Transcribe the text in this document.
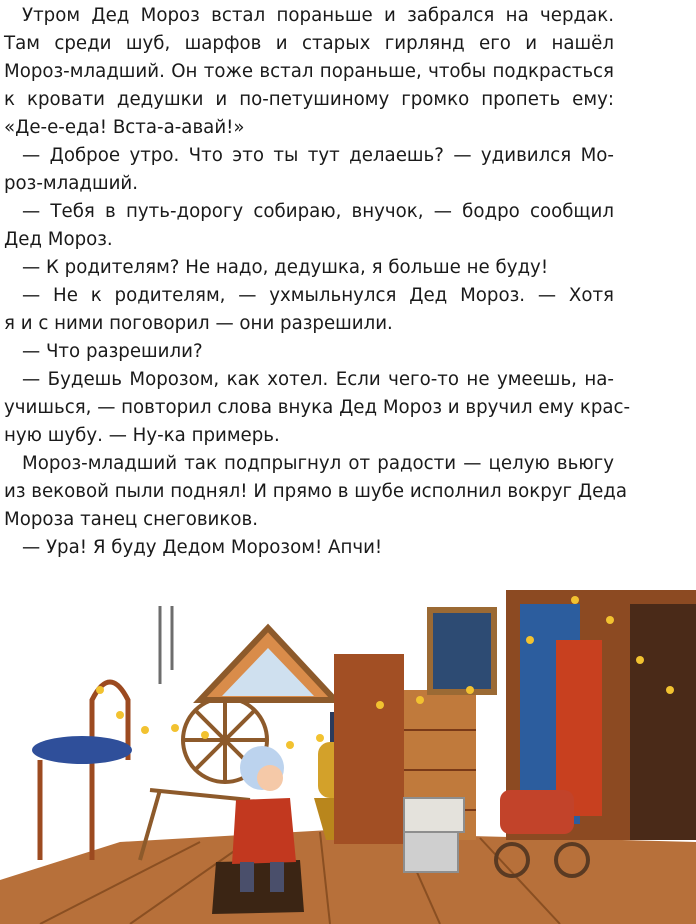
Утром Дед Мороз встал пораньше и забрался на чердак.
Там среди шуб, шарфов и старых гирлянд его и нашёл
Мороз-младший. Он тоже встал пораньше, чтобы подкрасться
к кровати дедушки и по-петушиному громко пропеть ему:
«Де-е-еда! Вста-а-авай!»
— Доброе утро. Что это ты тут делаешь? — удивился Мо-
роз-младший.
— Тебя в путь-дорогу собираю, внучок, — бодро сообщил
Дед Мороз.
— К родителям? Не надо, дедушка, я больше не буду!
— Не к родителям, — ухмыльнулся Дед Мороз. — Хотя
я и с ними поговорил — они разрешили.
— Что разрешили?
— Будешь Морозом, как хотел. Если чего-то не умеешь, на-
учишься, — повторил слова внука Дед Мороз и вручил ему крас-
ную шубу. — Ну-ка примерь.
Мороз-младший так подпрыгнул от радости — целую вьюгу
из вековой пыли поднял! И прямо в шубе исполнил вокруг Деда
Мороза танец снеговиков.
— Ура! Я буду Дедом Морозом! Апчи!
